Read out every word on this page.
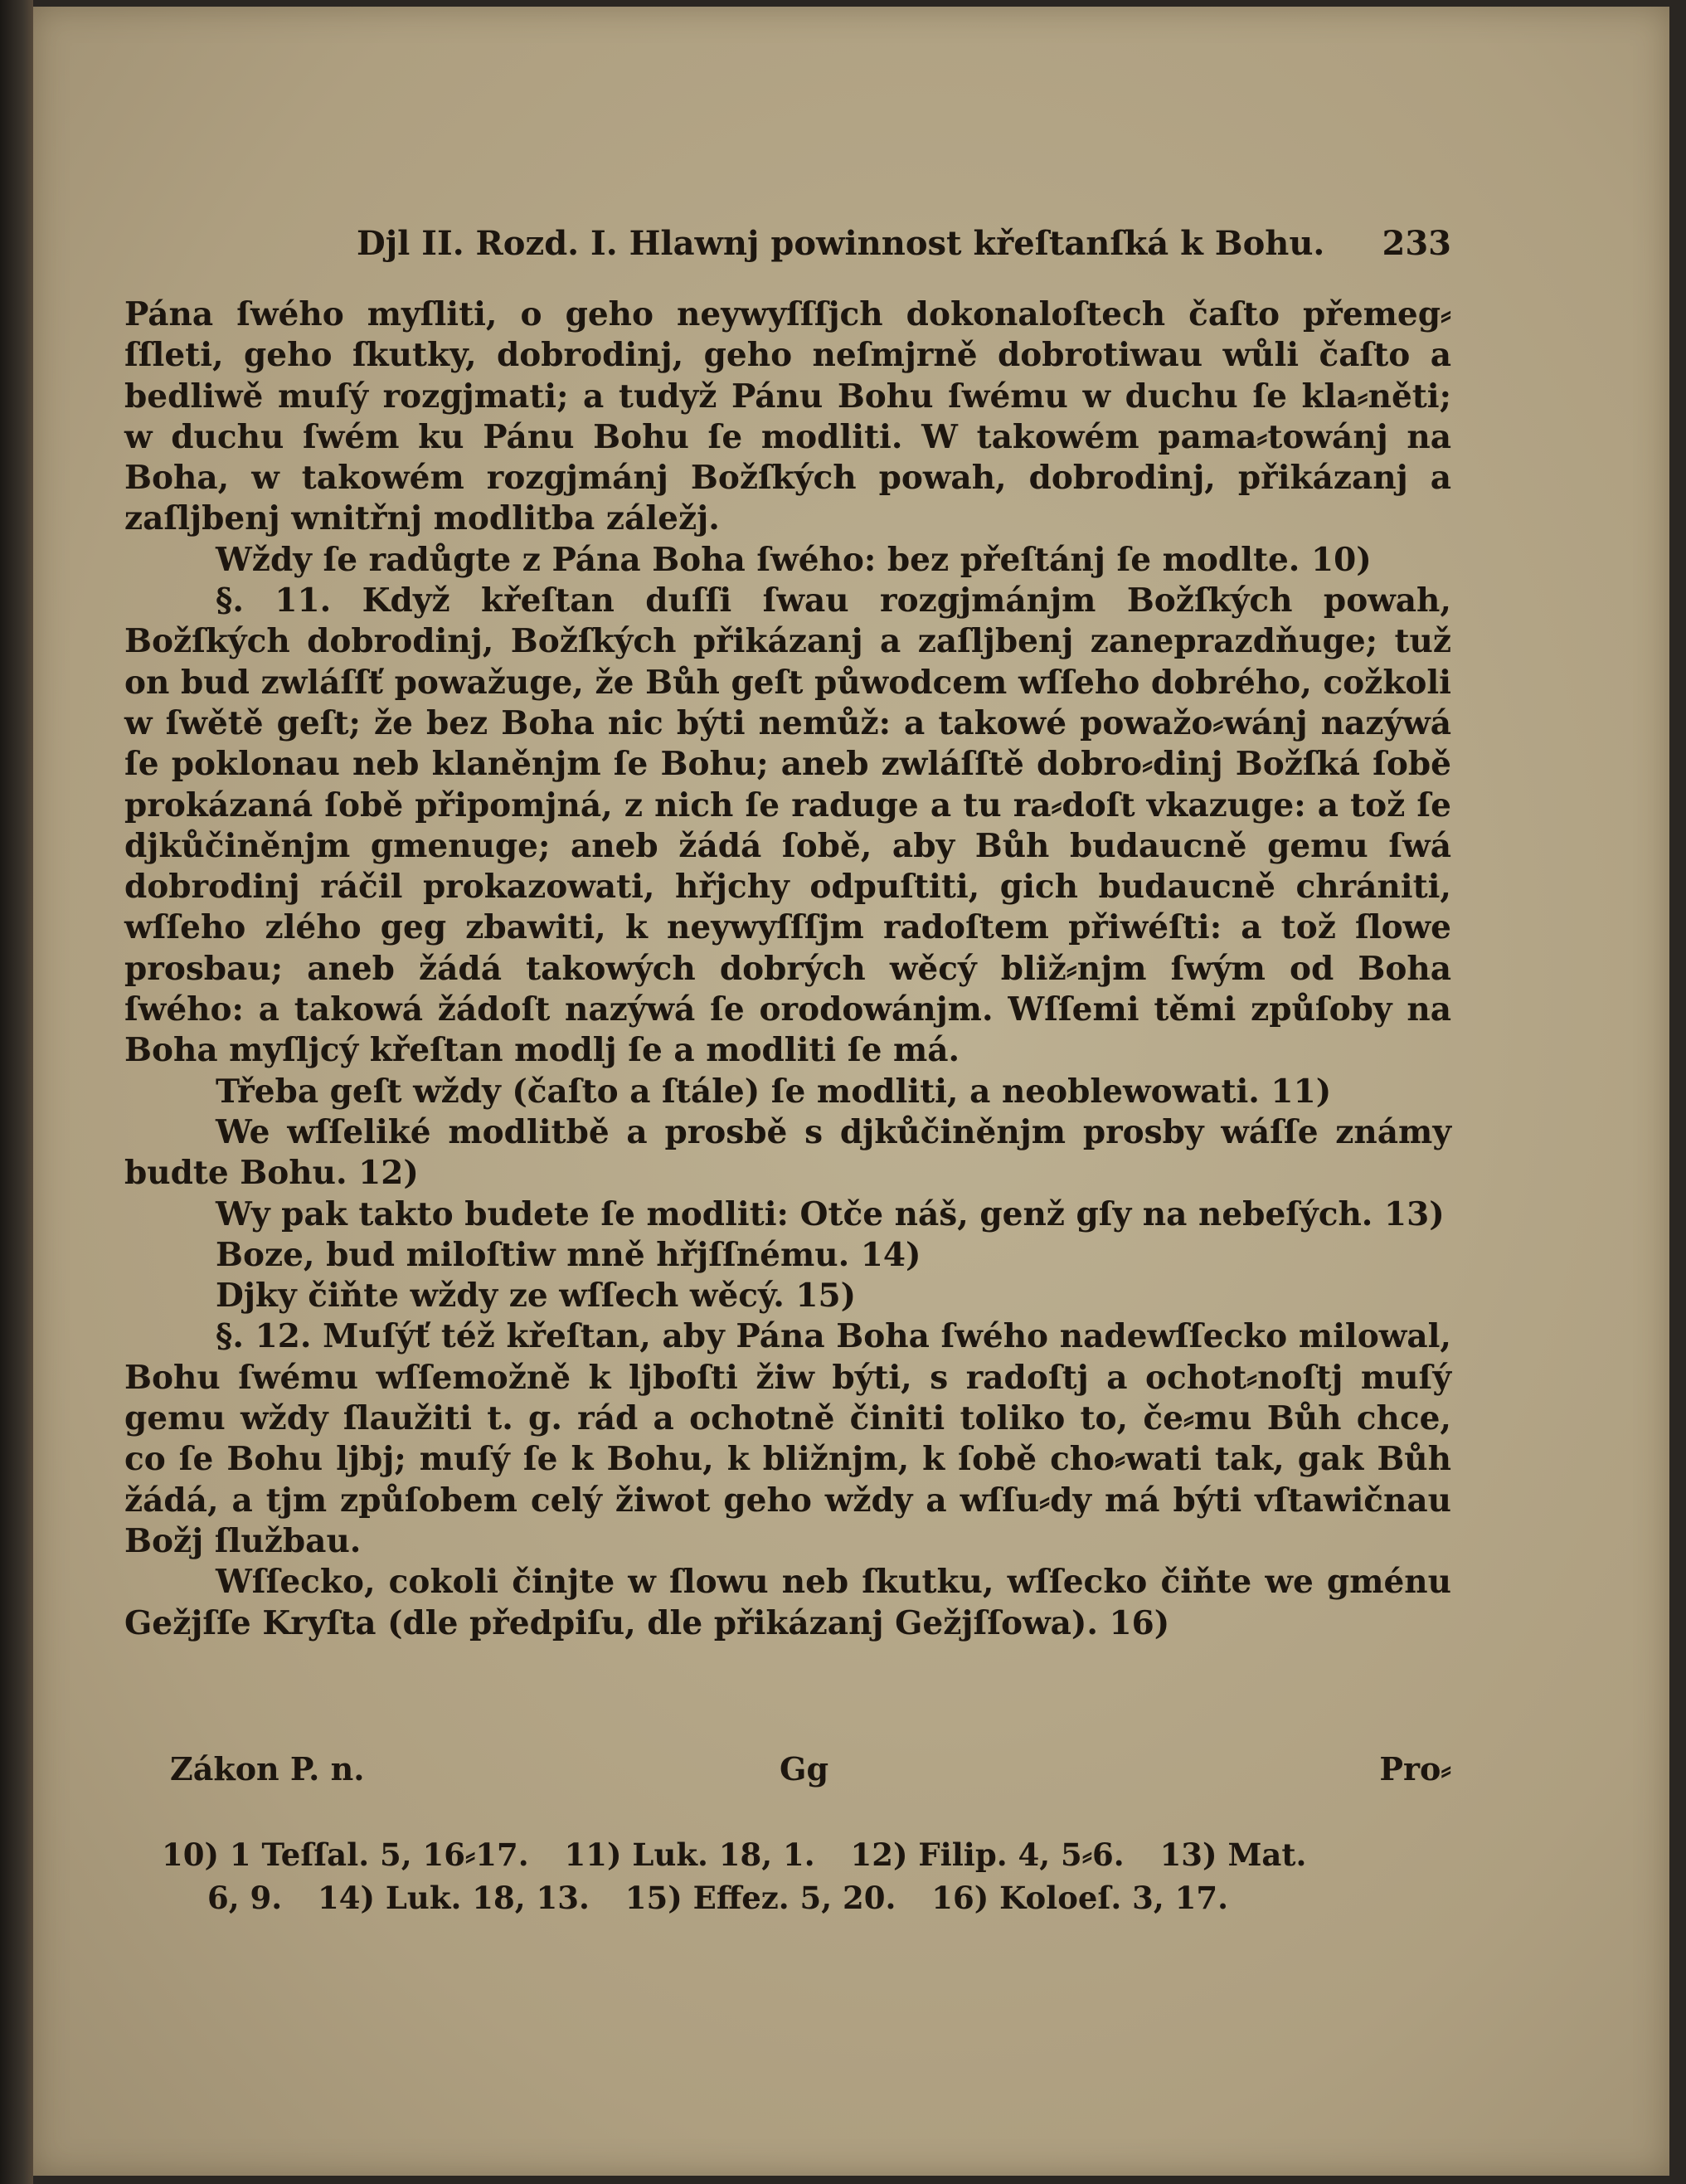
Djl II. Rozd. I. Hlawnj powinnost křeſtanſká k Bohu. 233

Pána ſwého myſliti, o geho neywyſſſjch dokonaloſtech čaſto přemeg⸗ſſleti, geho ſkutky, dobrodinj, geho neſmjrně dobrotiwau wůli čaſto a bedliwě muſý rozgjmati; a tudyž Pánu Bohu ſwému w duchu ſe kla⸗něti; w duchu ſwém ku Pánu Bohu ſe modliti. W takowém pama⸗towánj na Boha, w takowém rozgjmánj Božſkých powah, dobrodinj, přikázanj a zaſljbenj wnitřnj modlitba záležj.

Wždy ſe radůgte z Pána Boha ſwého: bez přeſtánj ſe modlte. 10)

§. 11. Když křeſtan duſſi ſwau rozgjmánjm Božſkých powah, Božſkých dobrodinj, Božſkých přikázanj a zaſljbenj zaneprazdňuge; tuž on bud zwláſſť powažuge, že Bůh geſt půwodcem wſſeho dobrého, cožkoli w ſwětě geſt; že bez Boha nic býti nemůž: a takowé powažo⸗wánj nazýwá ſe poklonau neb klaněnjm ſe Bohu; aneb zwláſſtě dobro⸗dinj Božſká ſobě prokázaná ſobě připomjná, z nich ſe raduge a tu ra⸗doſt vkazuge: a tož ſe djkůčiněnjm gmenuge; aneb žádá ſobě, aby Bůh budaucně gemu ſwá dobrodinj ráčil prokazowati, hřjchy odpuſtiti, gich budaucně chrániti, wſſeho zlého geg zbawiti, k neywyſſſjm radoſtem přiwéſti: a tož ſlowe prosbau; aneb žádá takowých dobrých wěcý bliž⸗njm ſwým od Boha ſwého: a takowá žádoſt nazýwá ſe orodowánjm. Wſſemi těmi způſoby na Boha myſljcý křeſtan modlj ſe a modliti ſe má.

Třeba geſt wždy (čaſto a ſtále) ſe modliti, a neoblewowati. 11)

We wſſeliké modlitbě a prosbě s djkůčiněnjm prosby wáſſe známy budte Bohu. 12)

Wy pak takto budete ſe modliti: Otče náš, genž gſy na nebeſých. 13)

Boze, bud miloſtiw mně hřjſſnému. 14)

Djky čiňte wždy ze wſſech wěcý. 15)

§. 12. Muſýť též křeſtan, aby Pána Boha ſwého nadewſſecko milowal, Bohu ſwému wſſemožně k ljboſti žiw býti, s radoſtj a ochot⸗noſtj muſý gemu wždy ſlaužiti t. g. rád a ochotně činiti toliko to, če⸗mu Bůh chce, co ſe Bohu ljbj; muſý ſe k Bohu, k bližnjm, k ſobě cho⸗wati tak, gak Bůh žádá, a tjm způſobem celý žiwot geho wždy a wſſu⸗dy má býti vſtawičnau Božj ſlužbau.

Wſſecko, cokoli činjte w ſlowu neb ſkutku, wſſecko čiňte we gménu Gežjſſe Kryſta (dle předpiſu, dle přikázanj Gežjſſowa). 16)

Zákon P. n.	Gg	Pro⸗
10) 1 Teſſal. 5, 16⸗17. 11) Luk. 18, 1. 12) Filip. 4, 5⸗6. 13) Mat.
6, 9. 14) Luk. 18, 13. 15) Effez. 5, 20. 16) Koloeſ. 3, 17.
